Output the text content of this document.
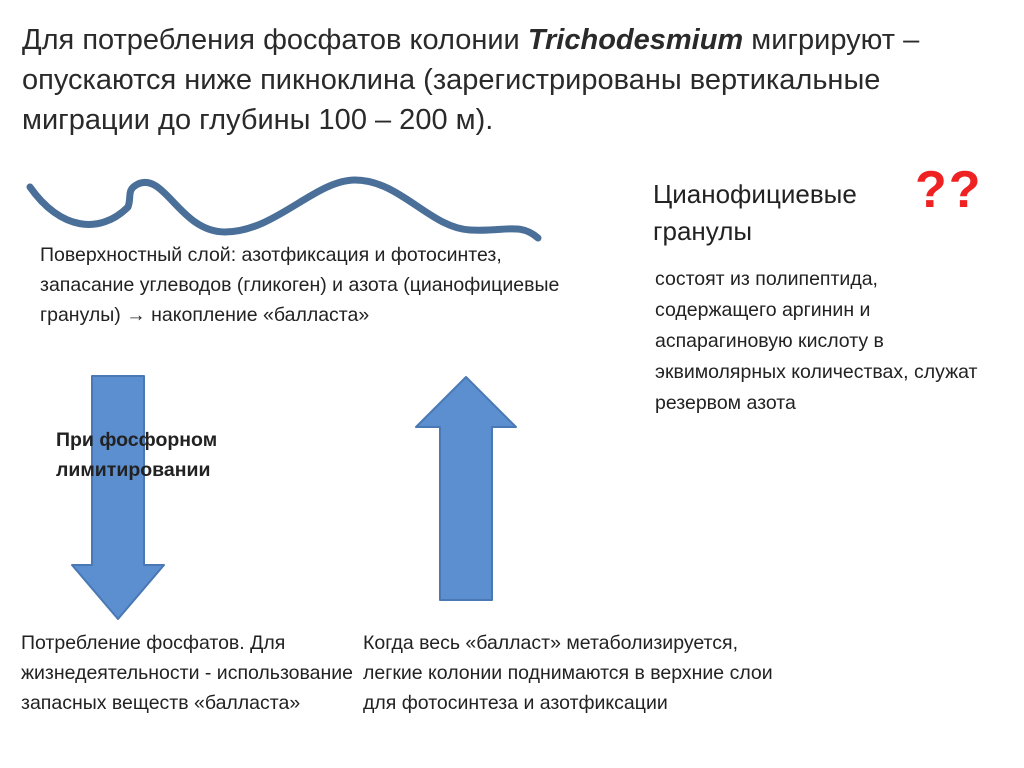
Для потребления фосфатов колонии Trichodesmium мигрируют – опускаются ниже пикноклина (зарегистрированы вертикальные миграции до глубины 100 – 200 м).
Поверхностный слой: азотфиксация и фотосинтез, запасание углеводов (гликоген) и азота (цианофициевые гранулы) → накопление «балласта»
Цианофициевые гранулы
??
состоят из полипептида, содержащего аргинин и аспарагиновую кислоту в эквимолярных количествах, служат резервом азота
При фосфорном лимитировании
Потребление фосфатов. Для жизнедеятельности - использование запасных веществ «балласта»
Когда весь «балласт» метаболизируется, легкие колонии поднимаются в верхние слои для фотосинтеза и азотфиксации
